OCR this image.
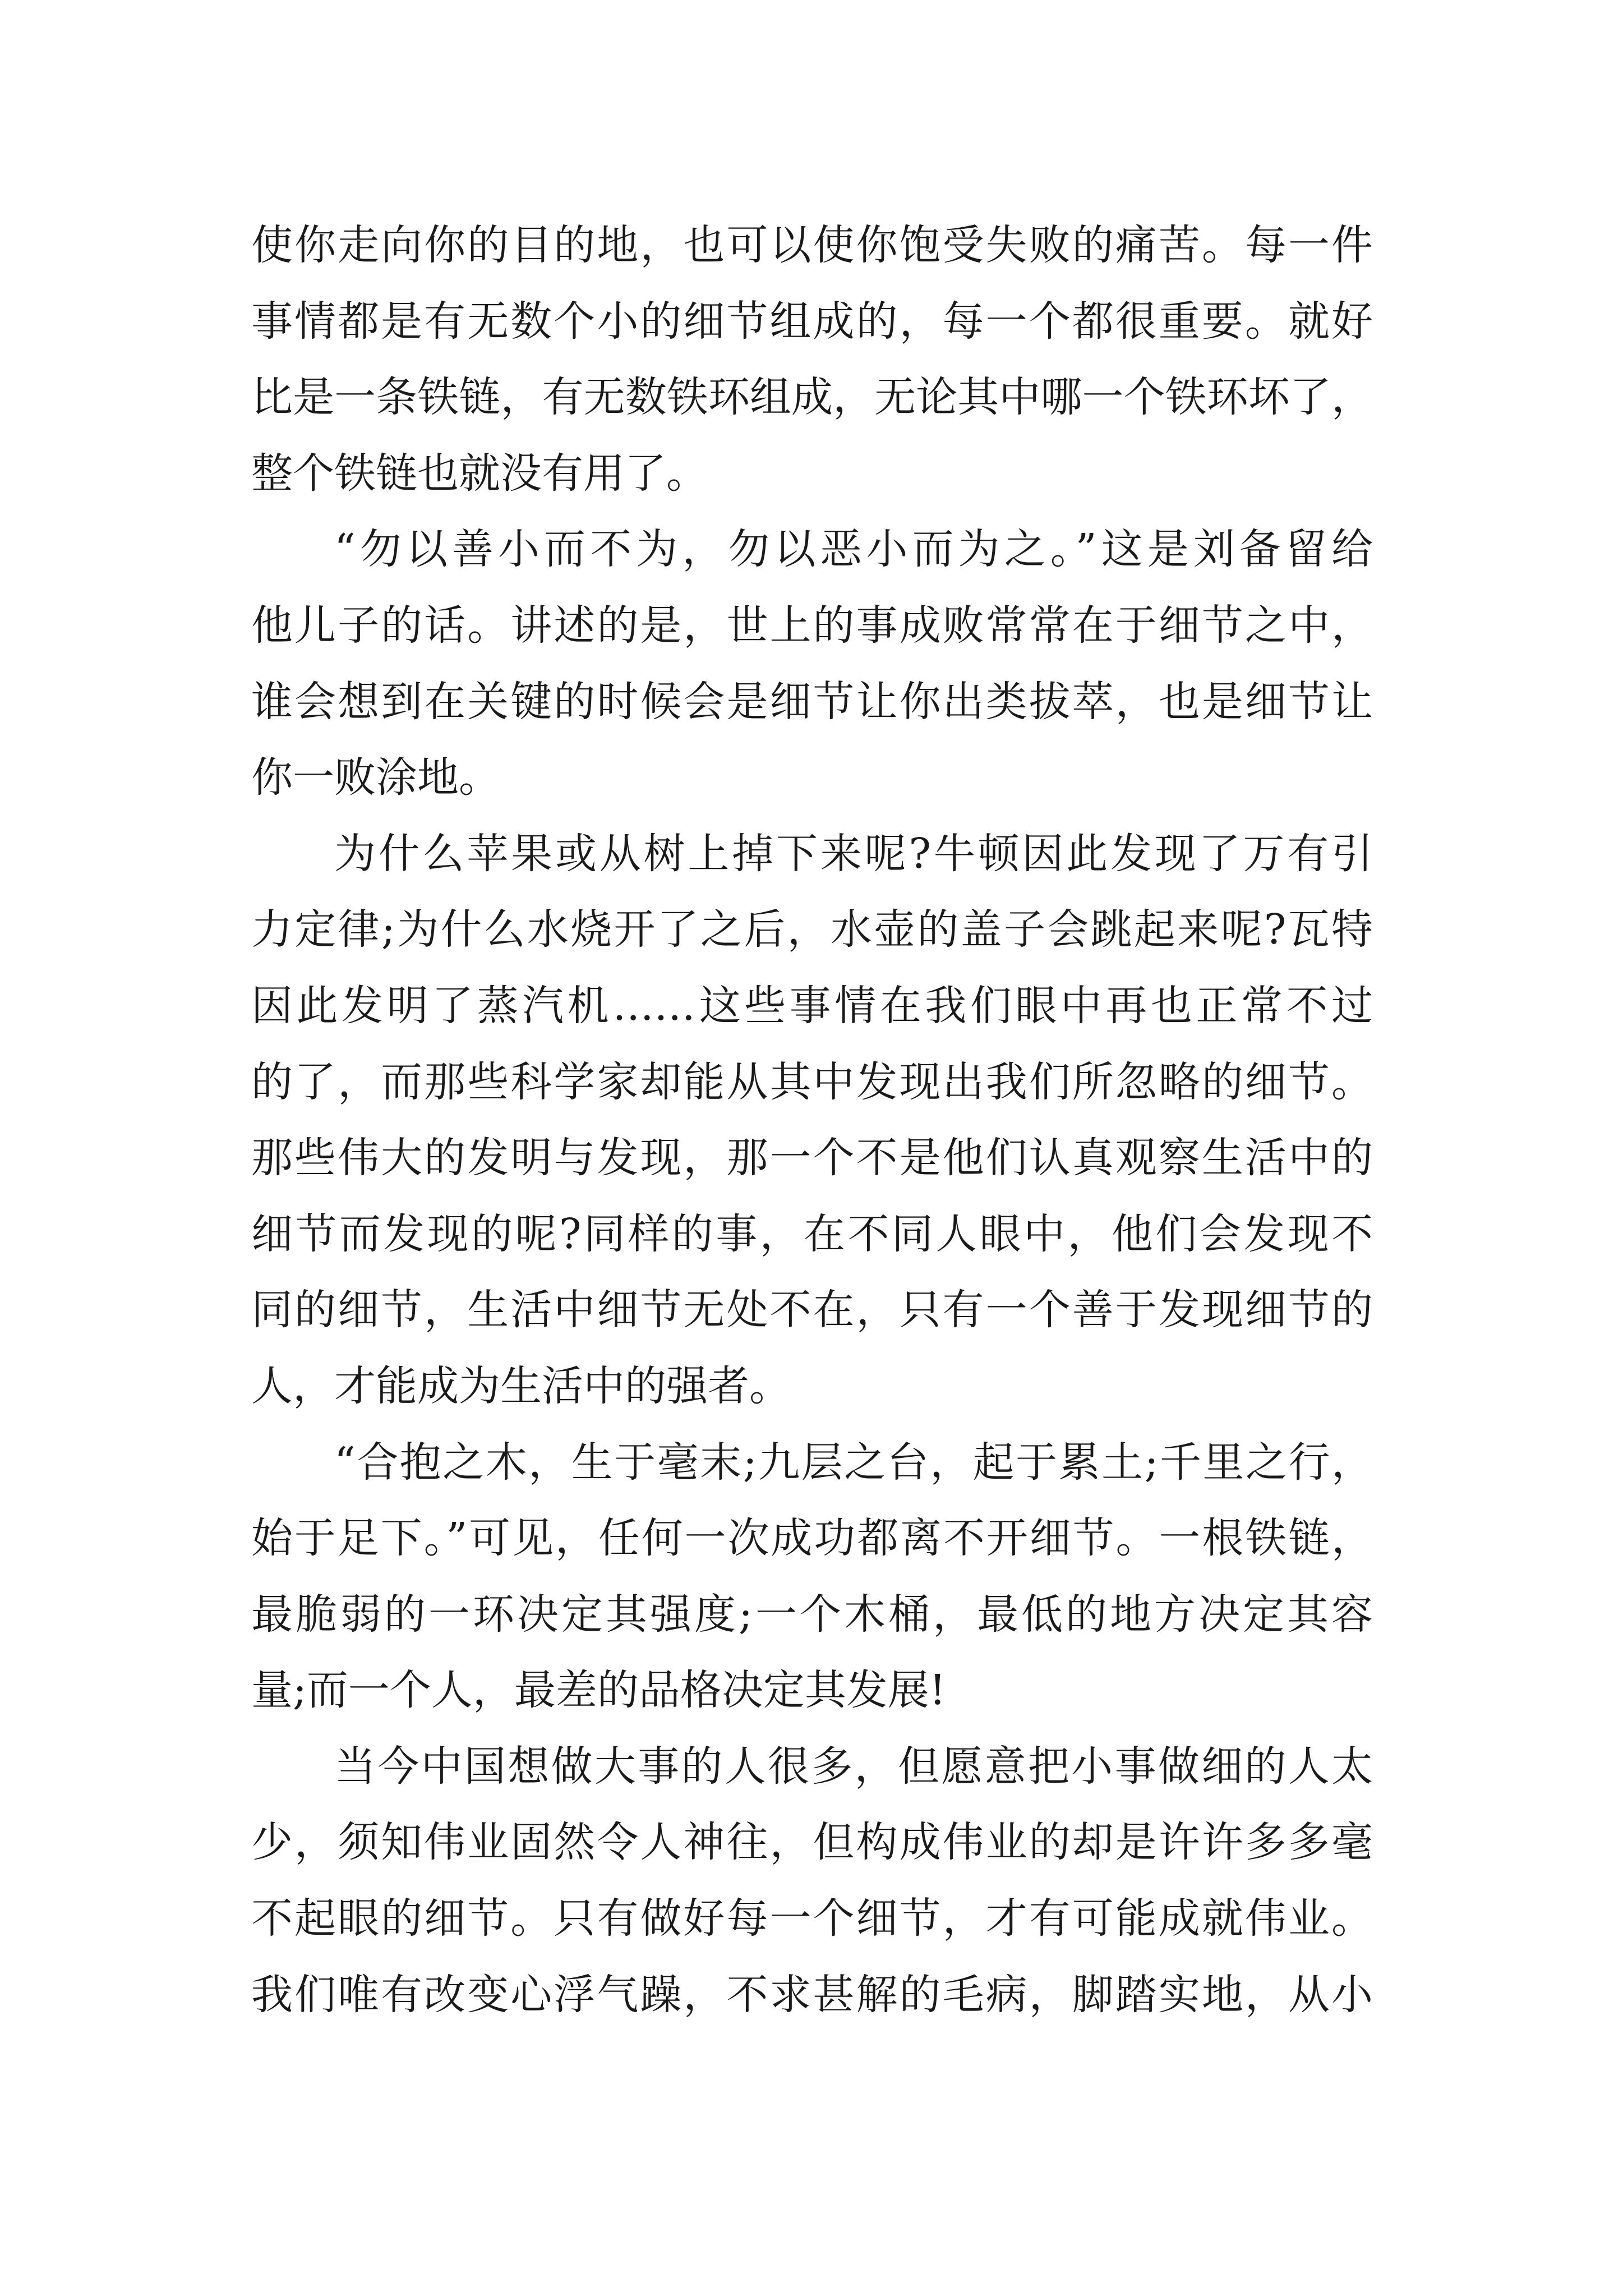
使你走向你的目的地，也可以使你饱受失败的痛苦。每一件
事情都是有无数个小的细节组成的，每一个都很重要。就好
比是一条铁链，有无数铁环组成，无论其中哪一个铁环坏了，
整个铁链也就没有用了。
“勿以善小而不为，勿以恶小而为之。”这是刘备留给
他儿子的话。讲述的是，世上的事成败常常在于细节之中，
谁会想到在关键的时候会是细节让你出类拔萃，也是细节让
你一败涂地。
为什么苹果或从树上掉下来呢?牛顿因此发现了万有引
力定律;为什么水烧开了之后，水壶的盖子会跳起来呢?瓦特
因此发明了蒸汽机……这些事情在我们眼中再也正常不过
的了，而那些科学家却能从其中发现出我们所忽略的细节。
那些伟大的发明与发现，那一个不是他们认真观察生活中的
细节而发现的呢?同样的事，在不同人眼中，他们会发现不
同的细节，生活中细节无处不在，只有一个善于发现细节的
人，才能成为生活中的强者。
“合抱之木，生于毫末;九层之台，起于累土;千里之行，
始于足下。”可见，任何一次成功都离不开细节。一根铁链，
最脆弱的一环决定其强度;一个木桶，最低的地方决定其容
量;而一个人，最差的品格决定其发展!
当今中国想做大事的人很多，但愿意把小事做细的人太
少，须知伟业固然令人神往，但构成伟业的却是许许多多毫
不起眼的细节。只有做好每一个细节，才有可能成就伟业。
我们唯有改变心浮气躁，不求甚解的毛病，脚踏实地，从小
